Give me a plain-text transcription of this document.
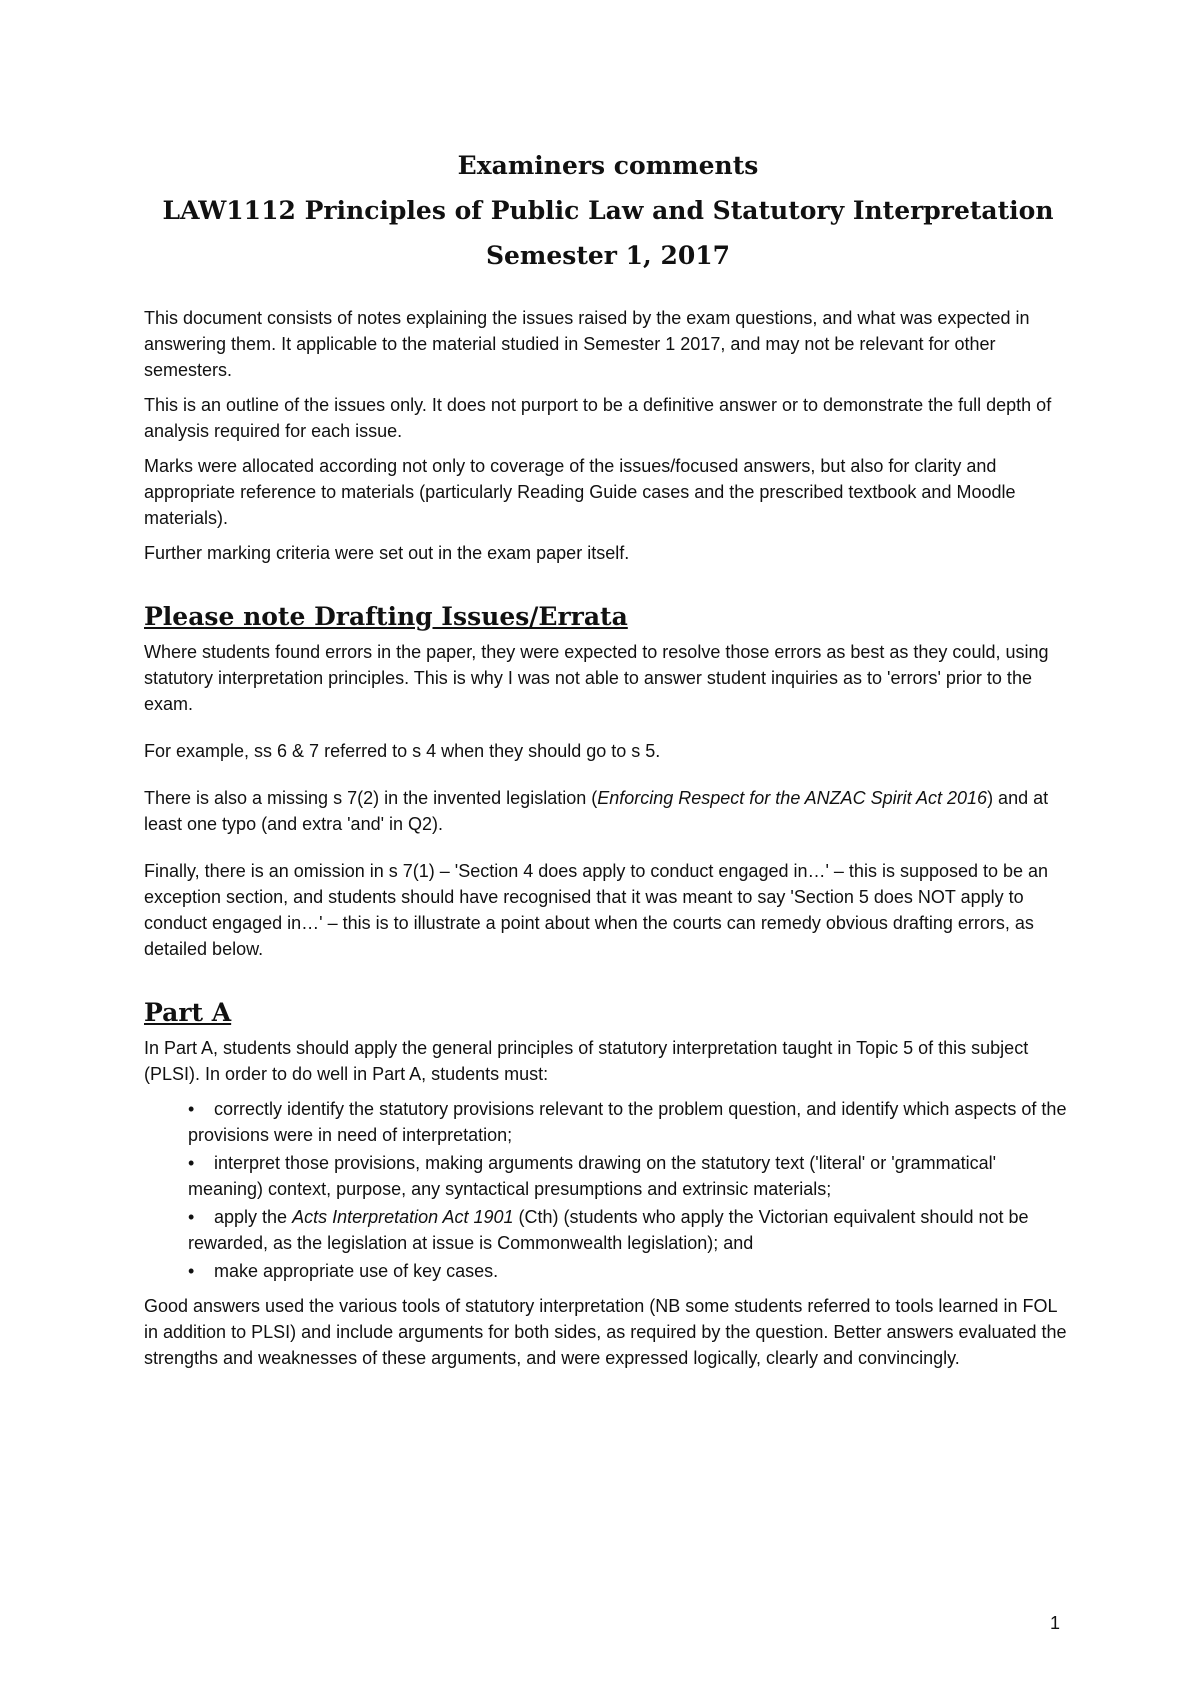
Examiners comments
LAW1112 Principles of Public Law and Statutory Interpretation
Semester 1, 2017

This document consists of notes explaining the issues raised by the exam questions, and what was expected in answering them. It applicable to the material studied in Semester 1 2017, and may not be relevant for other semesters.

This is an outline of the issues only. It does not purport to be a definitive answer or to demonstrate the full depth of analysis required for each issue.

Marks were allocated according not only to coverage of the issues/focused answers, but also for clarity and appropriate reference to materials (particularly Reading Guide cases and the prescribed textbook and Moodle materials).

Further marking criteria were set out in the exam paper itself.

Please note Drafting Issues/Errata

Where students found errors in the paper, they were expected to resolve those errors as best as they could, using statutory interpretation principles. This is why I was not able to answer student inquiries as to 'errors' prior to the exam.

For example, ss 6 & 7 referred to s 4 when they should go to s 5.

There is also a missing s 7(2) in the invented legislation (Enforcing Respect for the ANZAC Spirit Act 2016) and at least one typo (and extra 'and' in Q2).

Finally, there is an omission in s 7(1) – 'Section 4 does apply to conduct engaged in…' – this is supposed to be an exception section, and students should have recognised that it was meant to say 'Section 5 does NOT apply to conduct engaged in…' – this is to illustrate a point about when the courts can remedy obvious drafting errors, as detailed below.

Part A

In Part A, students should apply the general principles of statutory interpretation taught in Topic 5 of this subject (PLSI). In order to do well in Part A, students must:

• correctly identify the statutory provisions relevant to the problem question, and identify which aspects of the provisions were in need of interpretation;
• interpret those provisions, making arguments drawing on the statutory text ('literal' or 'grammatical' meaning) context, purpose, any syntactical presumptions and extrinsic materials;
• apply the Acts Interpretation Act 1901 (Cth) (students who apply the Victorian equivalent should not be rewarded, as the legislation at issue is Commonwealth legislation); and
• make appropriate use of key cases.

Good answers used the various tools of statutory interpretation (NB some students referred to tools learned in FOL in addition to PLSI) and include arguments for both sides, as required by the question. Better answers evaluated the strengths and weaknesses of these arguments, and were expressed logically, clearly and convincingly.

1
